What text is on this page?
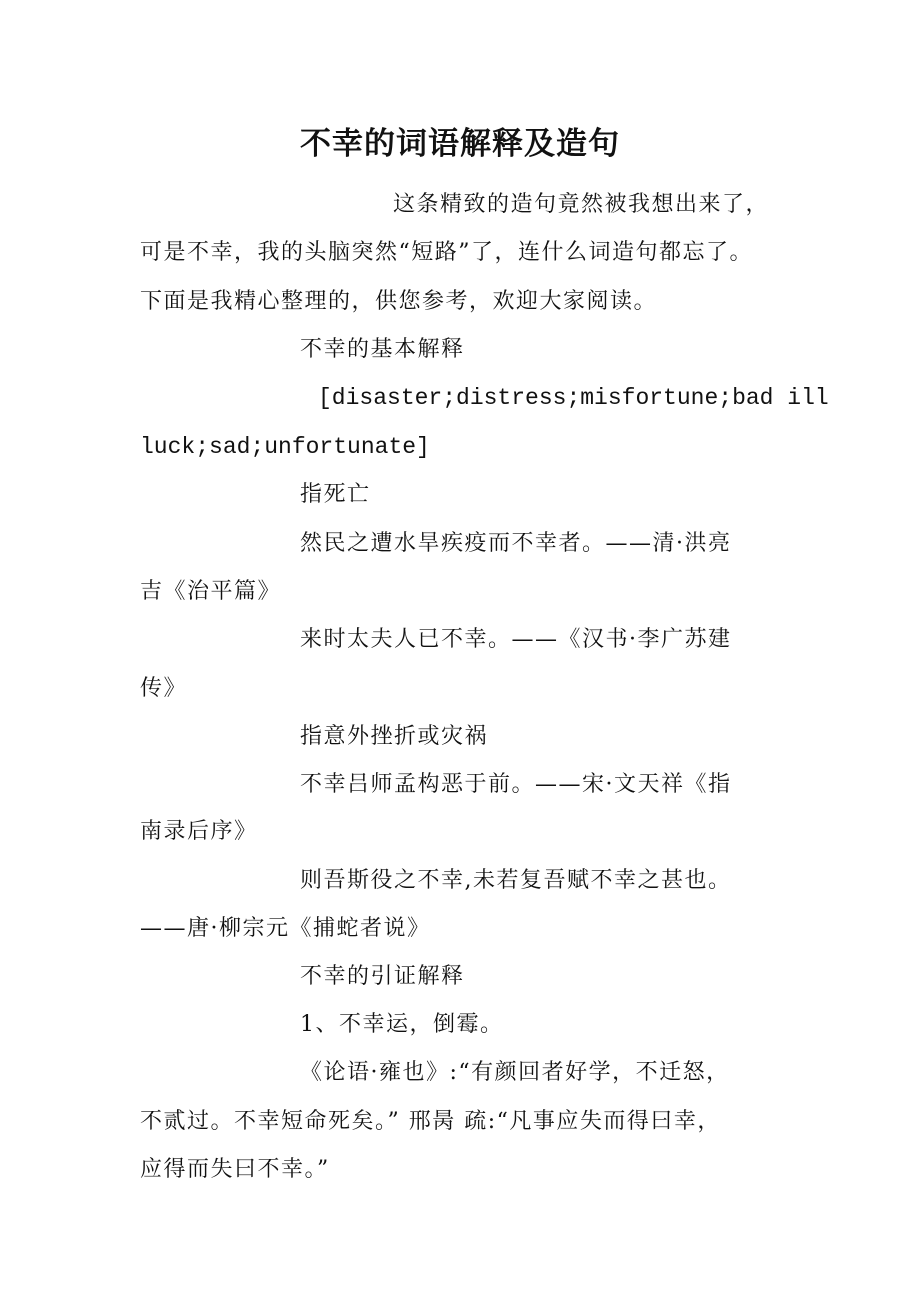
不幸的词语解释及造句
这条精致的造句竟然被我想出来了，
可是不幸，我的头脑突然“短路”了，连什么词造句都忘了。
下面是我精心整理的，供您参考，欢迎大家阅读。
不幸的基本解释
[disaster;distress;misfortune;bad ill
luck;sad;unfortunate]
指死亡
然民之遭水旱疾疫而不幸者。——清·洪亮
吉《治平篇》
来时太夫人已不幸。——《汉书·李广苏建
传》
指意外挫折或灾祸
不幸吕师孟构恶于前。——宋·文天祥《指
南录后序》
则吾斯役之不幸,未若复吾赋不幸之甚也。
——唐·柳宗元《捕蛇者说》
不幸的引证解释
1、不幸运，倒霉。
《论语·雍也》:“有颜回者好学，不迁怒，
不贰过。不幸短命死矣。” 邢昺 疏:“凡事应失而得曰幸，
应得而失曰不幸。”
